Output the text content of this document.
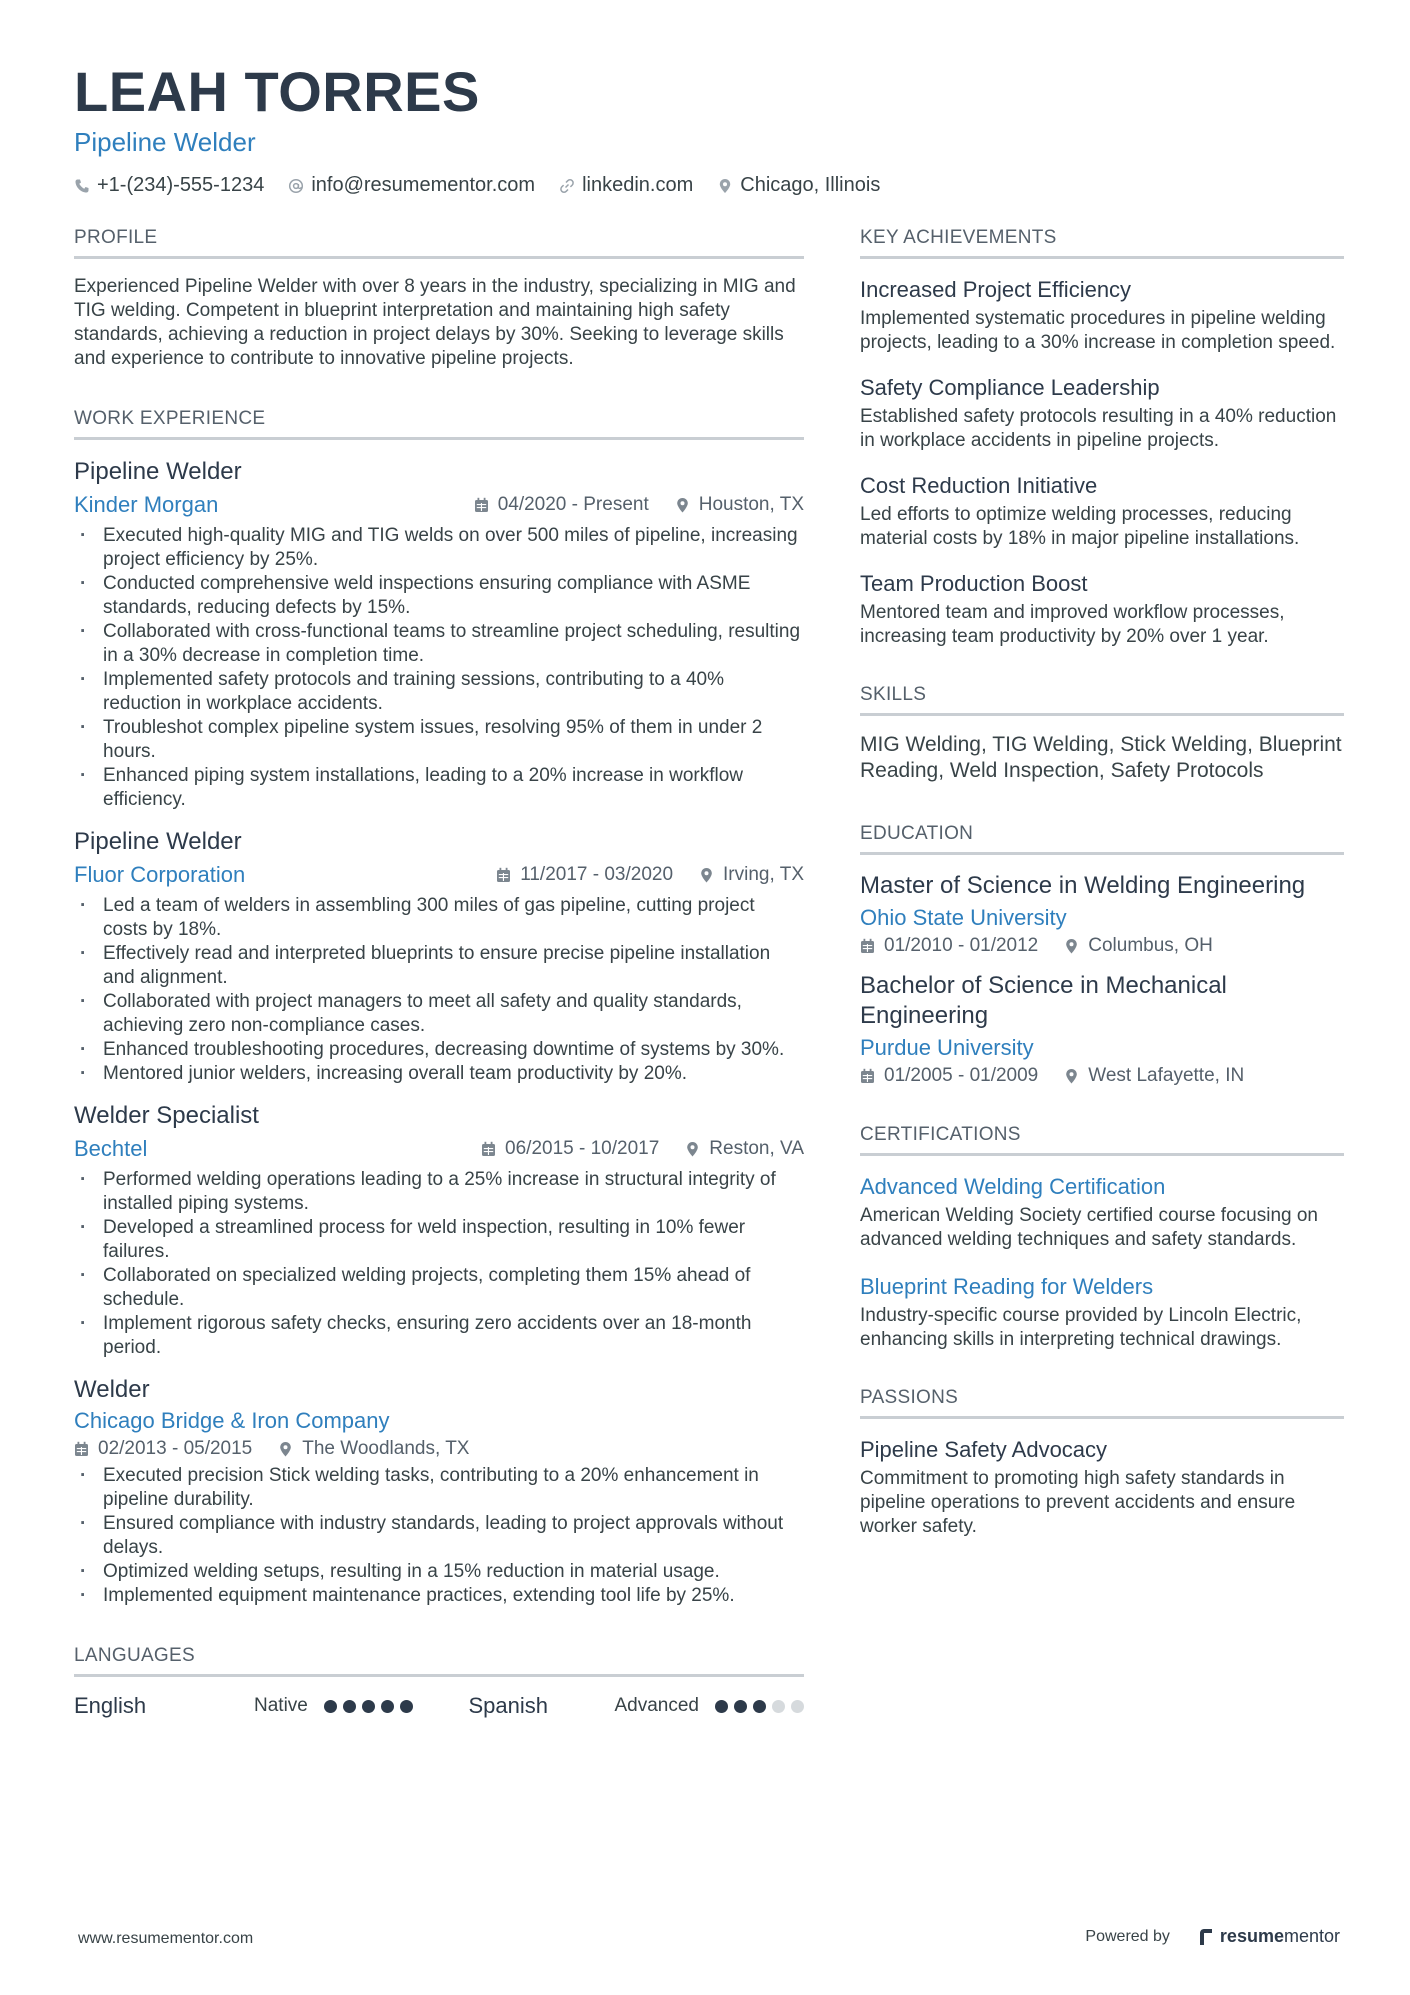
LEAH TORRES
Pipeline Welder
+1-(234)-555-1234 info@resumementor.com linkedin.com Chicago, Illinois
PROFILE

Experienced Pipeline Welder with over 8 years in the industry, specializing in MIG and TIG welding. Competent in blueprint interpretation and maintaining high safety standards, achieving a reduction in project delays by 30%. Seeking to leverage skills and experience to contribute to innovative pipeline projects.

WORK EXPERIENCE
Pipeline Welder
Kinder Morgan	04/2020 - Present	Houston, TX
· Executed high-quality MIG and TIG welds on over 500 miles of pipeline, increasing project efficiency by 25%.
· Conducted comprehensive weld inspections ensuring compliance with ASME standards, reducing defects by 15%.
· Collaborated with cross-functional teams to streamline project scheduling, resulting in a 30% decrease in completion time.
· Implemented safety protocols and training sessions, contributing to a 40% reduction in workplace accidents.
· Troubleshot complex pipeline system issues, resolving 95% of them in under 2 hours.
· Enhanced piping system installations, leading to a 20% increase in workflow efficiency.
Pipeline Welder
Fluor Corporation	11/2017 - 03/2020	Irving, TX
· Led a team of welders in assembling 300 miles of gas pipeline, cutting project costs by 18%.
· Effectively read and interpreted blueprints to ensure precise pipeline installation and alignment.
· Collaborated with project managers to meet all safety and quality standards, achieving zero non-compliance cases.
· Enhanced troubleshooting procedures, decreasing downtime of systems by 30%.
· Mentored junior welders, increasing overall team productivity by 20%.
Welder Specialist
Bechtel	06/2015 - 10/2017	Reston, VA
· Performed welding operations leading to a 25% increase in structural integrity of installed piping systems.
· Developed a streamlined process for weld inspection, resulting in 10% fewer failures.
· Collaborated on specialized welding projects, completing them 15% ahead of schedule.
· Implement rigorous safety checks, ensuring zero accidents over an 18-month period.
Welder
Chicago Bridge & Iron Company
02/2013 - 05/2015	The Woodlands, TX
· Executed precision Stick welding tasks, contributing to a 20% enhancement in pipeline durability.
· Ensured compliance with industry standards, leading to project approvals without delays.
· Optimized welding setups, resulting in a 15% reduction in material usage.
· Implemented equipment maintenance practices, extending tool life by 25%.
LANGUAGES
English	Native	Spanish	Advanced
KEY ACHIEVEMENTS
Increased Project Efficiency

Implemented systematic procedures in pipeline welding projects, leading to a 30% increase in completion speed.

Safety Compliance Leadership

Established safety protocols resulting in a 40% reduction in workplace accidents in pipeline projects.

Cost Reduction Initiative

Led efforts to optimize welding processes, reducing material costs by 18% in major pipeline installations.

Team Production Boost

Mentored team and improved workflow processes, increasing team productivity by 20% over 1 year.

SKILLS

MIG Welding, TIG Welding, Stick Welding, Blueprint Reading, Weld Inspection, Safety Protocols

EDUCATION
Master of Science in Welding Engineering
Ohio State University
01/2010 - 01/2012	Columbus, OH
Bachelor of Science in Mechanical Engineering
Purdue University
01/2005 - 01/2009	West Lafayette, IN
CERTIFICATIONS
Advanced Welding Certification

American Welding Society certified course focusing on advanced welding techniques and safety standards.

Blueprint Reading for Welders

Industry-specific course provided by Lincoln Electric, enhancing skills in interpreting technical drawings.

PASSIONS
Pipeline Safety Advocacy

Commitment to promoting high safety standards in pipeline operations to prevent accidents and ensure worker safety.

www.resumementor.com	Powered by	resumementor
